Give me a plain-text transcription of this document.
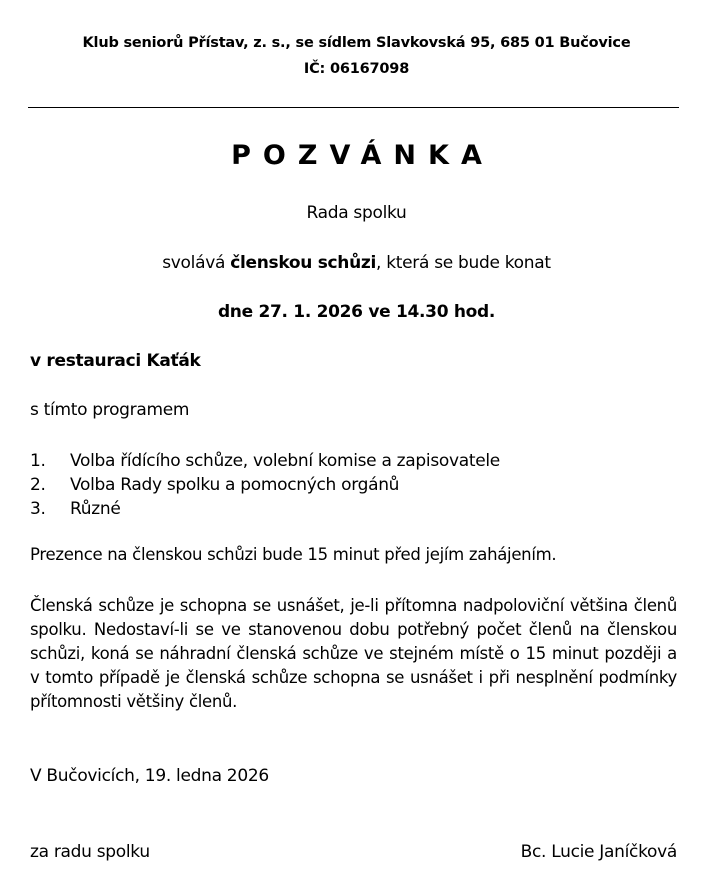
Klub seniorů Přístav, z. s., se sídlem Slavkovská 95, 685 01 Bučovice
IČ: 06167098
POZVÁNKA
Rada spolku
svolává členskou schůzi, která se bude konat
dne 27. 1. 2026 ve 14.30 hod.
v restauraci Kaťák
s tímto programem
1. Volba řídícího schůze, volební komise a zapisovatele
2. Volba Rady spolku a pomocných orgánů
3. Různé
Prezence na členskou schůzi bude 15 minut před jejím zahájením.
Členská schůze je schopna se usnášet, je-li přítomna nadpoloviční většina členů spolku. Nedostaví-li se ve stanovenou dobu potřebný počet členů na členskou schůzi, koná se náhradní členská schůze ve stejném místě o 15 minut později a v tomto případě je členská schůze schopna se usnášet i při nesplnění podmínky přítomnosti většiny členů.
V Bučovicích, 19. ledna 2026
za radu spolku	Bc. Lucie Janíčková
